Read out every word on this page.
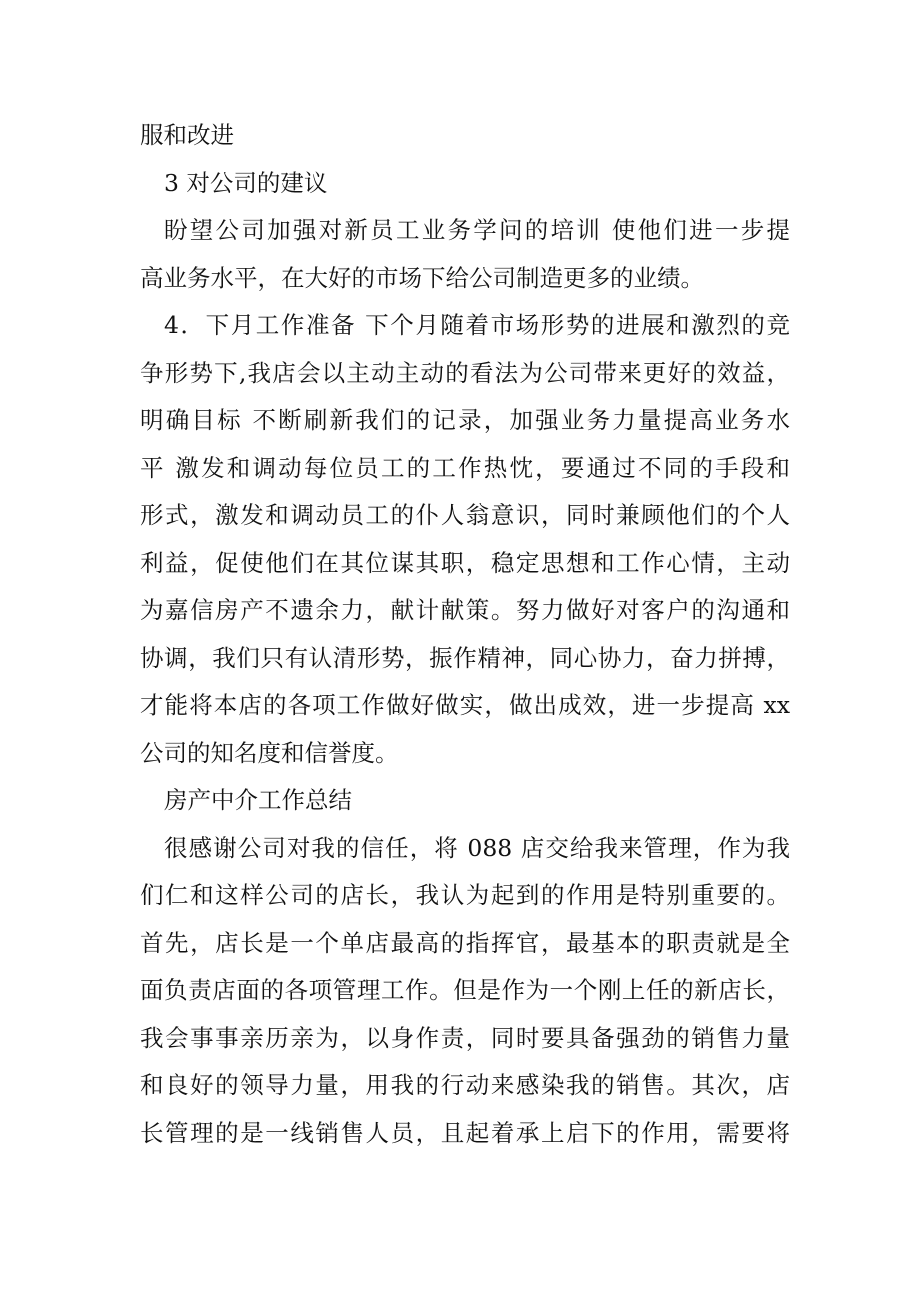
服和改进
3 对公司的建议
盼望公司加强对新员工业务学问的培训 使他们进一步提
高业务水平，在大好的市场下给公司制造更多的业绩。
4．下月工作准备 下个月随着市场形势的进展和激烈的竞
争形势下,我店会以主动主动的看法为公司带来更好的效益，
明确目标 不断刷新我们的记录，加强业务力量提高业务水
平 激发和调动每位员工的工作热忱，要通过不同的手段和
形式，激发和调动员工的仆人翁意识，同时兼顾他们的个人
利益，促使他们在其位谋其职，稳定思想和工作心情，主动
为嘉信房产不遗余力，献计献策。努力做好对客户的沟通和
协调，我们只有认清形势，振作精神，同心协力，奋力拼搏，
才能将本店的各项工作做好做实，做出成效，进一步提高 xx
公司的知名度和信誉度。
房产中介工作总结
很感谢公司对我的信任，将 088 店交给我来管理，作为我
们仁和这样公司的店长，我认为起到的作用是特别重要的。
首先，店长是一个单店最高的指挥官，最基本的职责就是全
面负责店面的各项管理工作。但是作为一个刚上任的新店长，
我会事事亲历亲为，以身作责，同时要具备强劲的销售力量
和良好的领导力量，用我的行动来感染我的销售。其次，店
长管理的是一线销售人员，且起着承上启下的作用，需要将
